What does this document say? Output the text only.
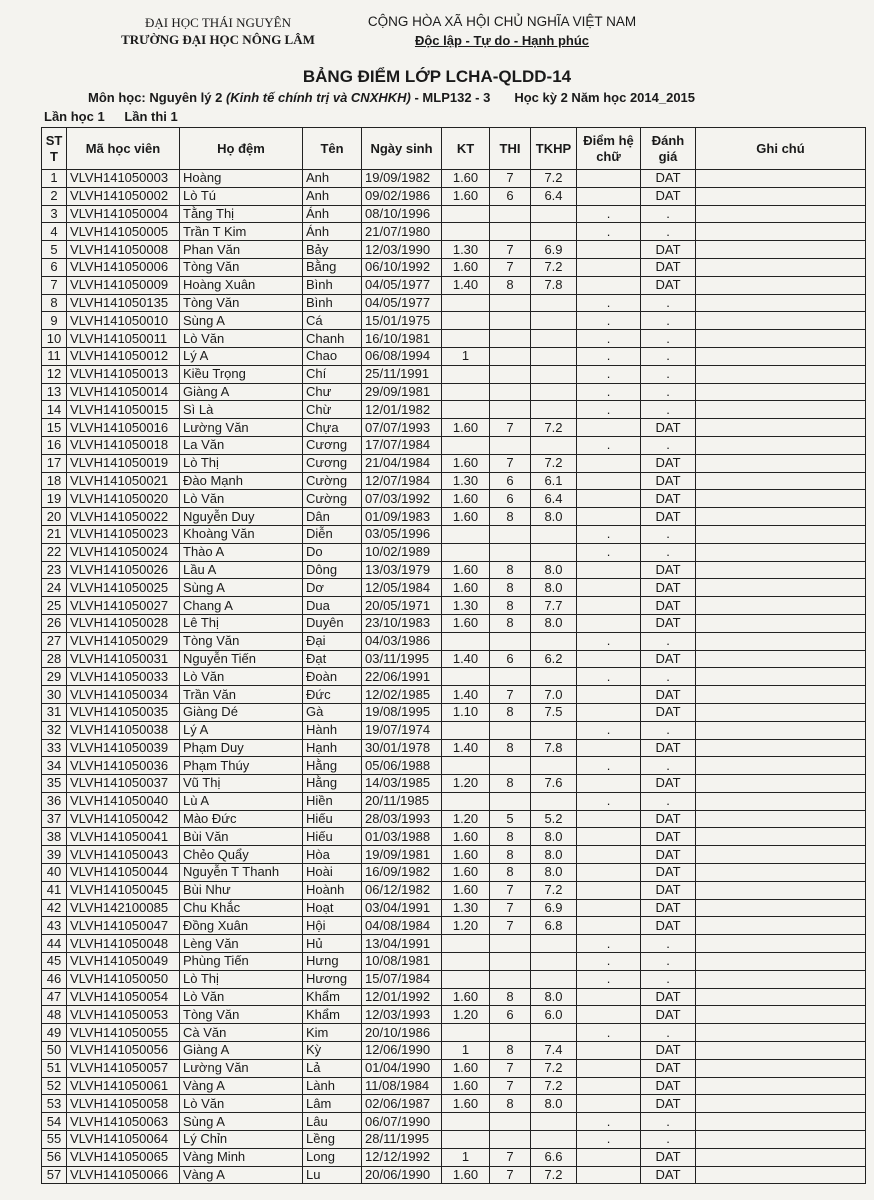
ĐẠI HỌC THÁI NGUYÊN
TRƯỜNG ĐẠI HỌC NÔNG LÂM
CỘNG HÒA XÃ HỘI CHỦ NGHĨA VIỆT NAM
Độc lập - Tự do - Hạnh phúc
BẢNG ĐIỂM LỚP LCHA-QLDD-14
Môn học: Nguyên lý 2 (Kinh tế chính trị và CNXHKH) - MLP132 - 3 Học kỳ 2 Năm học 2014_2015
Lần học 1 Lần thi 1
ST T	Mã học viên	Họ đệm	Tên	Ngày sinh	KT	THI	TKHP	Điểm hệ chữ	Đánh giá	Ghi chú
1	VLVH141050003	Hoàng	Anh	19/09/1982	1.60	7	7.2		DAT	
2	VLVH141050002	Lò Tú	Anh	09/02/1986	1.60	6	6.4		DAT	
3	VLVH141050004	Tằng Thị	Ánh	08/10/1996				.	.	
4	VLVH141050005	Trần T Kim	Ánh	21/07/1980				.	.	
5	VLVH141050008	Phan Văn	Bảy	12/03/1990	1.30	7	6.9		DAT	
6	VLVH141050006	Tòng Văn	Bằng	06/10/1992	1.60	7	7.2		DAT	
7	VLVH141050009	Hoàng Xuân	Bình	04/05/1977	1.40	8	7.8		DAT	
8	VLVH141050135	Tòng Văn	Bình	04/05/1977				.	.	
9	VLVH141050010	Sùng A	Cá	15/01/1975				.	.	
10	VLVH141050011	Lò Văn	Chanh	16/10/1981				.	.	
11	VLVH141050012	Lý A	Chao	06/08/1994	1			.	.	
12	VLVH141050013	Kiều Trọng	Chí	25/11/1991				.	.	
13	VLVH141050014	Giàng A	Chư	29/09/1981				.	.	
14	VLVH141050015	Sì Là	Chừ	12/01/1982				.	.	
15	VLVH141050016	Lường Văn	Chựa	07/07/1993	1.60	7	7.2		DAT	
16	VLVH141050018	La Văn	Cương	17/07/1984				.	.	
17	VLVH141050019	Lò Thị	Cương	21/04/1984	1.60	7	7.2		DAT	
18	VLVH141050021	Đào Mạnh	Cường	12/07/1984	1.30	6	6.1		DAT	
19	VLVH141050020	Lò Văn	Cường	07/03/1992	1.60	6	6.4		DAT	
20	VLVH141050022	Nguyễn Duy	Dân	01/09/1983	1.60	8	8.0		DAT	
21	VLVH141050023	Khoàng Văn	Diễn	03/05/1996				.	.	
22	VLVH141050024	Thào A	Do	10/02/1989				.	.	
23	VLVH141050026	Lầu A	Dông	13/03/1979	1.60	8	8.0		DAT	
24	VLVH141050025	Sùng A	Dơ	12/05/1984	1.60	8	8.0		DAT	
25	VLVH141050027	Chang A	Dua	20/05/1971	1.30	8	7.7		DAT	
26	VLVH141050028	Lê Thị	Duyên	23/10/1983	1.60	8	8.0		DAT	
27	VLVH141050029	Tòng Văn	Đại	04/03/1986				.	.	
28	VLVH141050031	Nguyễn Tiến	Đạt	03/11/1995	1.40	6	6.2		DAT	
29	VLVH141050033	Lò Văn	Đoàn	22/06/1991				.	.	
30	VLVH141050034	Trần Văn	Đức	12/02/1985	1.40	7	7.0		DAT	
31	VLVH141050035	Giàng Dé	Gà	19/08/1995	1.10	8	7.5		DAT	
32	VLVH141050038	Lý A	Hành	19/07/1974				.	.	
33	VLVH141050039	Phạm Duy	Hạnh	30/01/1978	1.40	8	7.8		DAT	
34	VLVH141050036	Phạm Thúy	Hằng	05/06/1988				.	.	
35	VLVH141050037	Vũ Thị	Hằng	14/03/1985	1.20	8	7.6		DAT	
36	VLVH141050040	Lù A	Hiền	20/11/1985				.	.	
37	VLVH141050042	Mào Đức	Hiếu	28/03/1993	1.20	5	5.2		DAT	
38	VLVH141050041	Bùi Văn	Hiếu	01/03/1988	1.60	8	8.0		DAT	
39	VLVH141050043	Chẻo Quẩy	Hòa	19/09/1981	1.60	8	8.0		DAT	
40	VLVH141050044	Nguyễn T Thanh	Hoài	16/09/1982	1.60	8	8.0		DAT	
41	VLVH141050045	Bùi Như	Hoành	06/12/1982	1.60	7	7.2		DAT	
42	VLVH142100085	Chu Khắc	Hoạt	03/04/1991	1.30	7	6.9		DAT	
43	VLVH141050047	Đồng Xuân	Hội	04/08/1984	1.20	7	6.8		DAT	
44	VLVH141050048	Lèng Văn	Hủ	13/04/1991				.	.	
45	VLVH141050049	Phùng Tiến	Hưng	10/08/1981				.	.	
46	VLVH141050050	Lò Thị	Hương	15/07/1984				.	.	
47	VLVH141050054	Lò Văn	Khẩm	12/01/1992	1.60	8	8.0		DAT	
48	VLVH141050053	Tòng Văn	Khẩm	12/03/1993	1.20	6	6.0		DAT	
49	VLVH141050055	Cà Văn	Kim	20/10/1986				.	.	
50	VLVH141050056	Giàng A	Kỳ	12/06/1990	1	8	7.4		DAT	
51	VLVH141050057	Lường Văn	Lả	01/04/1990	1.60	7	7.2		DAT	
52	VLVH141050061	Vàng A	Lành	11/08/1984	1.60	7	7.2		DAT	
53	VLVH141050058	Lò Văn	Lâm	02/06/1987	1.60	8	8.0		DAT	
54	VLVH141050063	Sùng A	Lâu	06/07/1990				.	.	
55	VLVH141050064	Lý Chỉn	Lềng	28/11/1995				.	.	
56	VLVH141050065	Vàng Minh	Long	12/12/1992	1	7	6.6		DAT	
57	VLVH141050066	Vàng A	Lu	20/06/1990	1.60	7	7.2		DAT	
